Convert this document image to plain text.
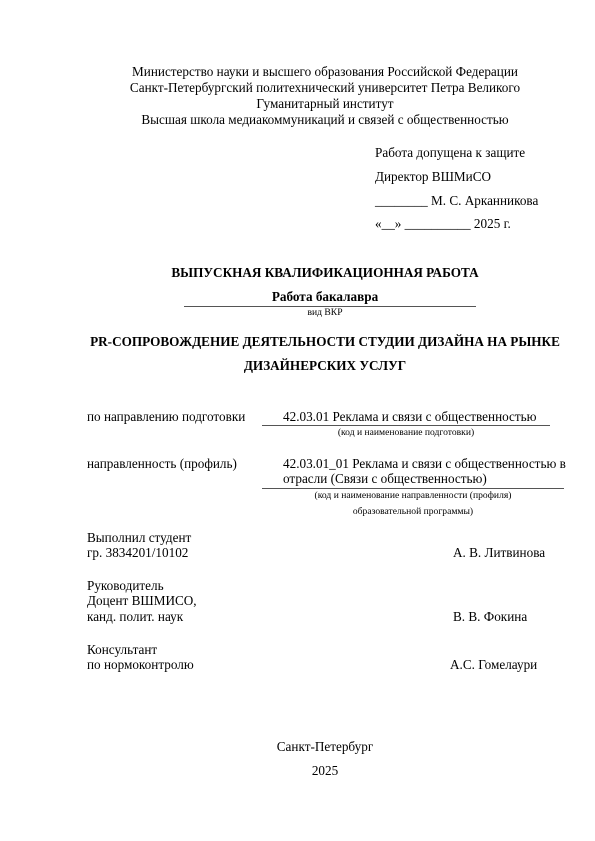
Министерство науки и высшего образования Российской Федерации
Санкт-Петербургский политехнический университет Петра Великого
Гуманитарный институт
Высшая школа медиакоммуникаций и связей с общественностью
Работа допущена к защите
Директор ВШМиСО
________ М. С. Арканникова
«__» __________ 2025 г.
ВЫПУСКНАЯ КВАЛИФИКАЦИОННАЯ РАБОТА
Работа бакалавра
вид ВКР
PR-СОПРОВОЖДЕНИЕ ДЕЯТЕЛЬНОСТИ СТУДИИ ДИЗАЙНА НА РЫНКЕ
ДИЗАЙНЕРСКИХ УСЛУГ
по направлению подготовки	42.03.01 Реклама и связи с общественностью
(код и наименование подготовки)
направленность (профиль)	42.03.01_01 Реклама и связи с общественностью в
отрасли (Связи с общественностью)
(код и наименование направленности (профиля)
образовательной программы)
Выполнил студент
гр. 3834201/10102	А. В. Литвинова
Руководитель
Доцент ВШМИСО,
канд. полит. наук	В. В. Фокина
Консультант
по нормоконтролю	А.С. Гомелаури
Санкт-Петербург
2025
